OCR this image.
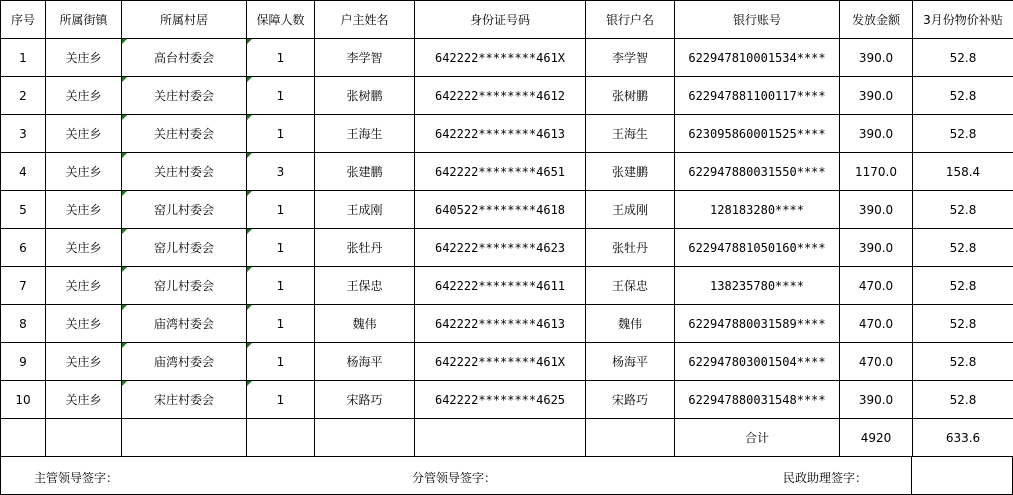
序号	所属街镇	所属村居	保障人数	户主姓名	身份证号码	银行户名	银行账号	发放金额	3月份物价补贴
1	关庄乡	高台村委会	1	李学智	642222********461X	李学智	622947810001534****	390.0	52.8
2	关庄乡	关庄村委会	1	张树鹏	642222********4612	张树鹏	622947881100117****	390.0	52.8
3	关庄乡	关庄村委会	1	王海生	642222********4613	王海生	623095860001525****	390.0	52.8
4	关庄乡	关庄村委会	3	张建鹏	642222********4651	张建鹏	622947880031550****	1170.0	158.4
5	关庄乡	窑儿村委会	1	王成刚	640522********4618	王成刚	128183280****	390.0	52.8
6	关庄乡	窑儿村委会	1	张牡丹	642222********4623	张牡丹	622947881050160****	390.0	52.8
7	关庄乡	窑儿村委会	1	王保忠	642222********4611	王保忠	138235780****	470.0	52.8
8	关庄乡	庙湾村委会	1	魏伟	642222********4613	魏伟	622947880031589****	470.0	52.8
9	关庄乡	庙湾村委会	1	杨海平	642222********461X	杨海平	622947803001504****	470.0	52.8
10	关庄乡	宋庄村委会	1	宋路巧	642222********4625	宋路巧	622947880031548****	390.0	52.8
							合计	4920	633.6
主管领导签字：	分管领导签字：	民政助理签字：
